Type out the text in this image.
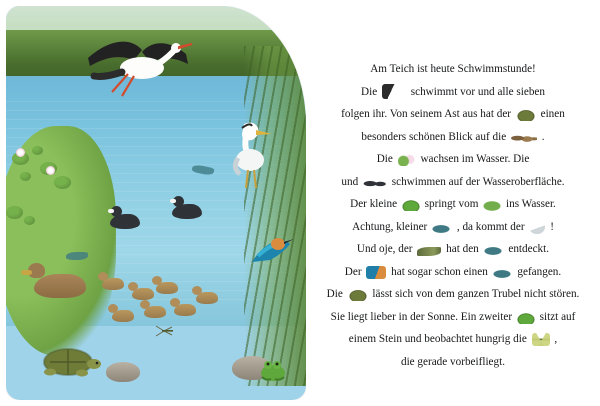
Am Teich ist heute Schwimmstunde!
Die	schwimmt vor und alle sieben
folgen ihr. Von seinem Ast aus hat der	einen
besonders schönen Blick auf die	.
Die wachsen im Wasser. Die
und	schwimmen auf der Wasseroberfläche.
Der kleine springt vom ins Wasser.
Achtung, kleiner	, da kommt der !
Und oje, der	hat den	entdeckt.
Der	hat sogar schon einen	gefangen.
Die	lässt sich von dem ganzen Trubel nicht stören.
Sie liegt lieber in der Sonne. Ein zweiter sitzt auf
einem Stein und beobachtet hungrig die ,
die gerade vorbeifliegt.
